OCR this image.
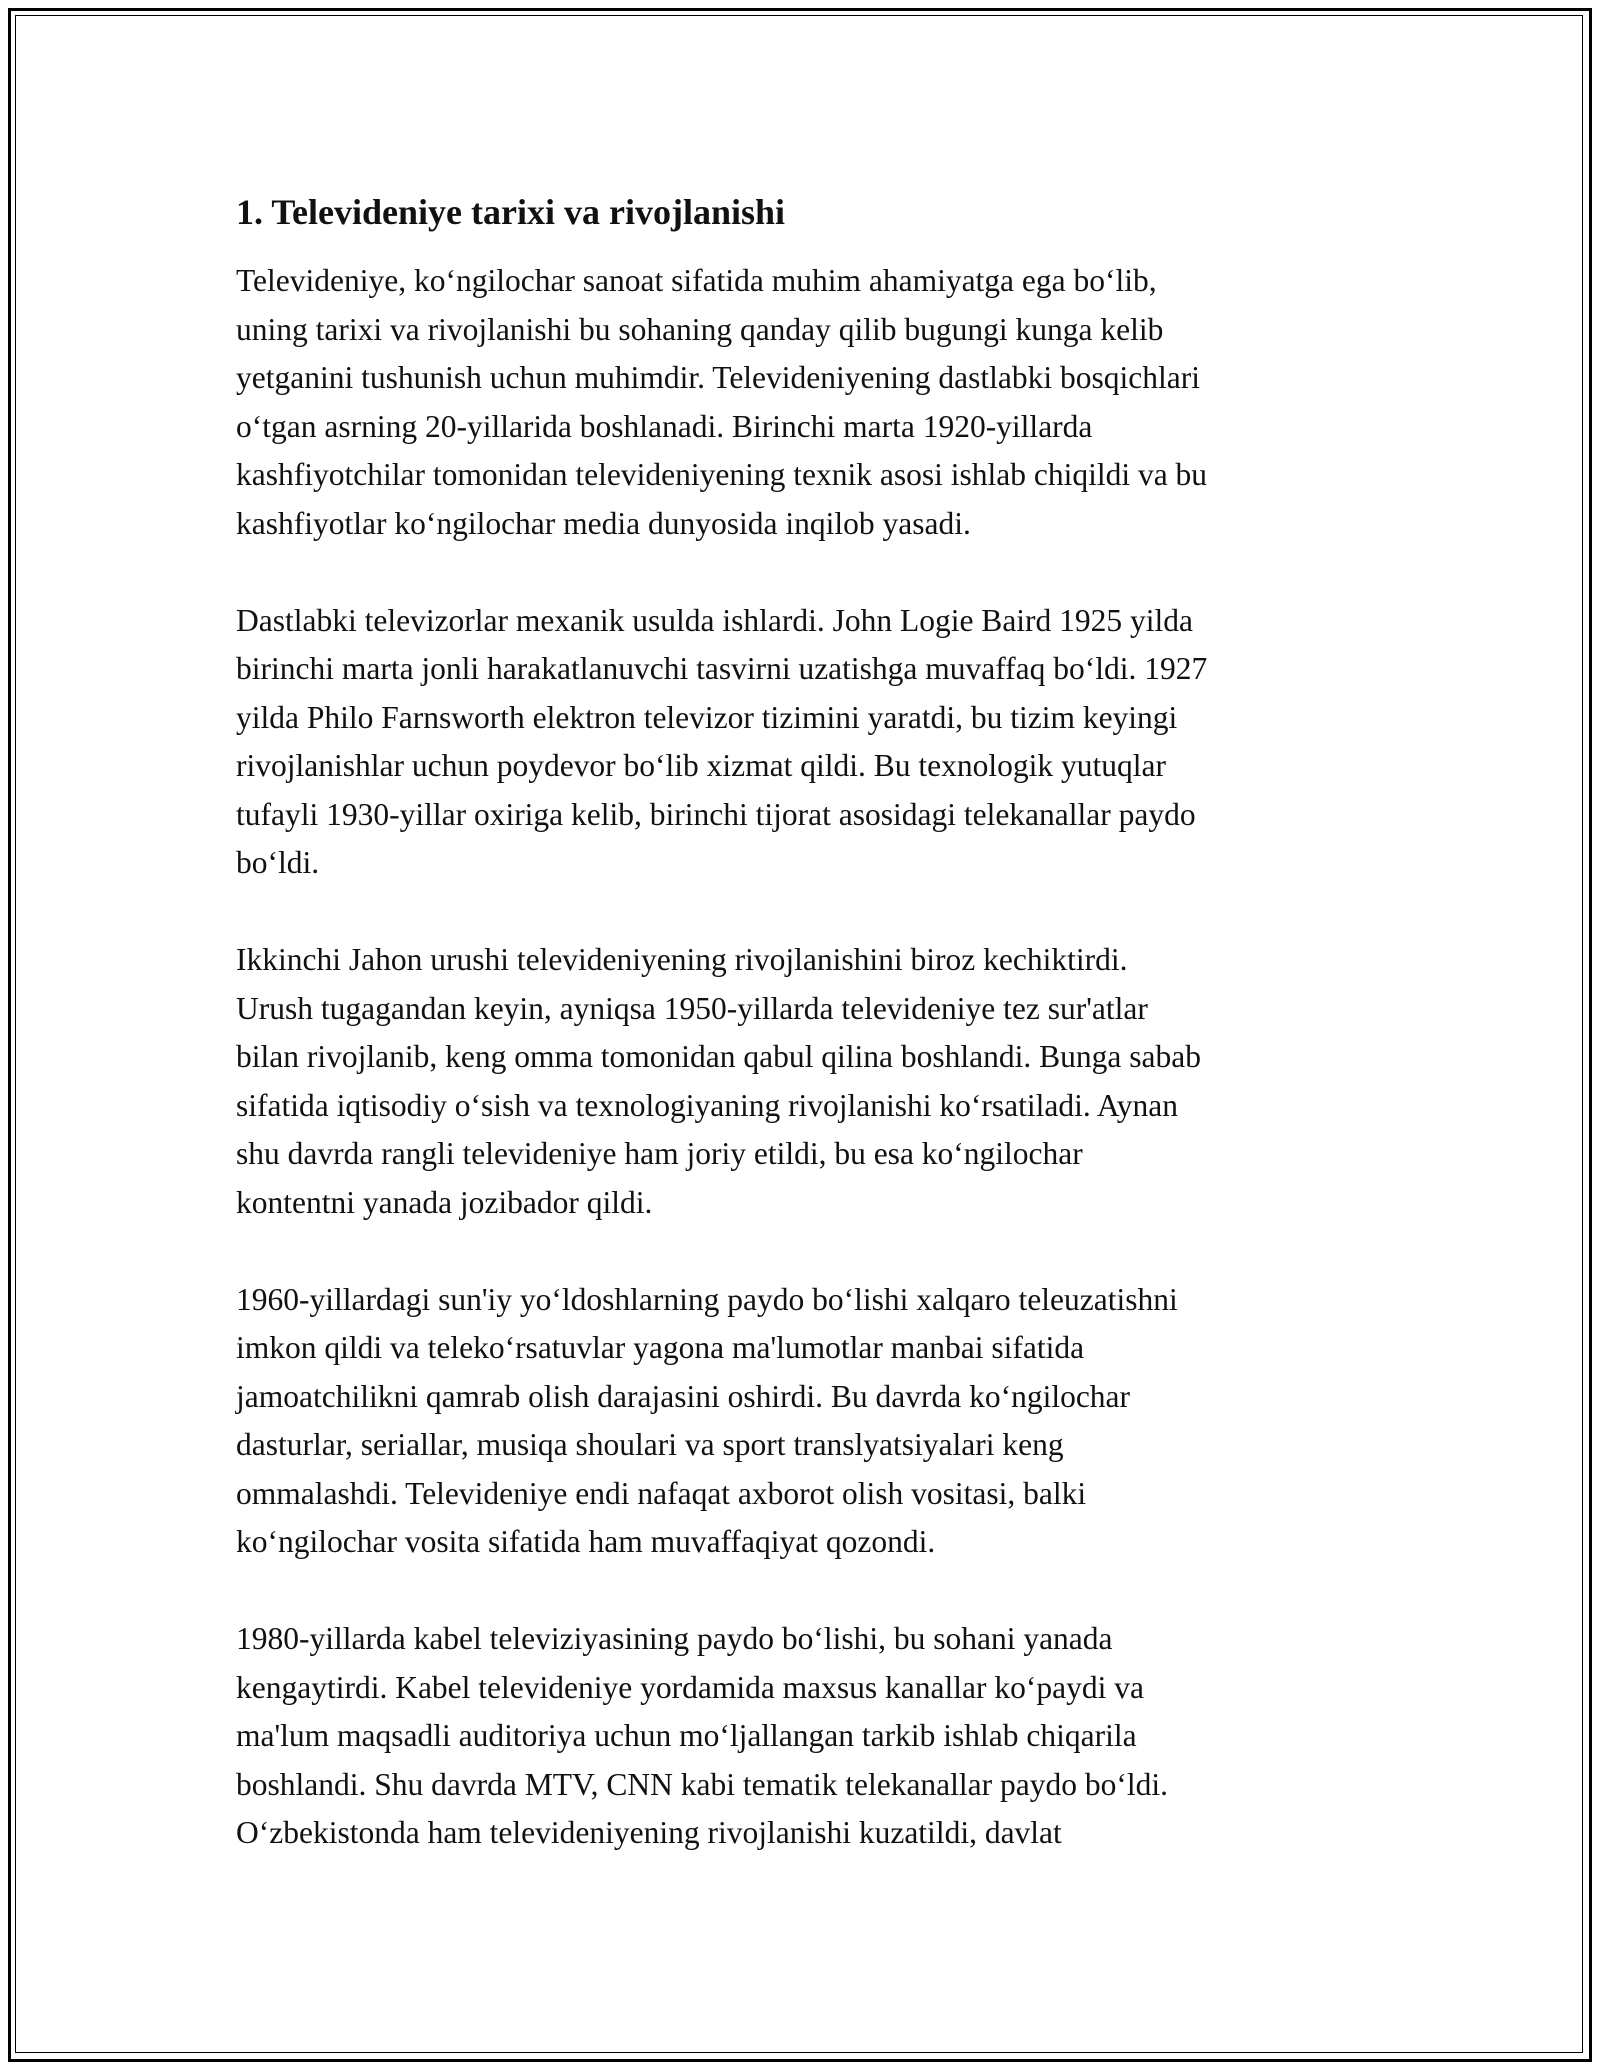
1. Televideniye tarixi va rivojlanishi

Televideniye, ko‘ngilochar sanoat sifatida muhim ahamiyatga ega bo‘lib,
uning tarixi va rivojlanishi bu sohaning qanday qilib bugungi kunga kelib
yetganini tushunish uchun muhimdir. Televideniyening dastlabki bosqichlari
o‘tgan asrning 20-yillarida boshlanadi. Birinchi marta 1920-yillarda
kashfiyotchilar tomonidan televideniyening texnik asosi ishlab chiqildi va bu
kashfiyotlar ko‘ngilochar media dunyosida inqilob yasadi.

Dastlabki televizorlar mexanik usulda ishlardi. John Logie Baird 1925 yilda
birinchi marta jonli harakatlanuvchi tasvirni uzatishga muvaffaq bo‘ldi. 1927
yilda Philo Farnsworth elektron televizor tizimini yaratdi, bu tizim keyingi
rivojlanishlar uchun poydevor bo‘lib xizmat qildi. Bu texnologik yutuqlar
tufayli 1930-yillar oxiriga kelib, birinchi tijorat asosidagi telekanallar paydo
bo‘ldi.

Ikkinchi Jahon urushi televideniyening rivojlanishini biroz kechiktirdi.
Urush tugagandan keyin, ayniqsa 1950-yillarda televideniye tez sur'atlar
bilan rivojlanib, keng omma tomonidan qabul qilina boshlandi. Bunga sabab
sifatida iqtisodiy o‘sish va texnologiyaning rivojlanishi ko‘rsatiladi. Aynan
shu davrda rangli televideniye ham joriy etildi, bu esa ko‘ngilochar
kontentni yanada jozibador qildi.

1960-yillardagi sun'iy yo‘ldoshlarning paydo bo‘lishi xalqaro teleuzatishni
imkon qildi va teleko‘rsatuvlar yagona ma'lumotlar manbai sifatida
jamoatchilikni qamrab olish darajasini oshirdi. Bu davrda ko‘ngilochar
dasturlar, seriallar, musiqa shoulari va sport translyatsiyalari keng
ommalashdi. Televideniye endi nafaqat axborot olish vositasi, balki
ko‘ngilochar vosita sifatida ham muvaffaqiyat qozondi.

1980-yillarda kabel televiziyasining paydo bo‘lishi, bu sohani yanada
kengaytirdi. Kabel televideniye yordamida maxsus kanallar ko‘paydi va
ma'lum maqsadli auditoriya uchun mo‘ljallangan tarkib ishlab chiqarila
boshlandi. Shu davrda MTV, CNN kabi tematik telekanallar paydo bo‘ldi.
O‘zbekistonda ham televideniyening rivojlanishi kuzatildi, davlat
